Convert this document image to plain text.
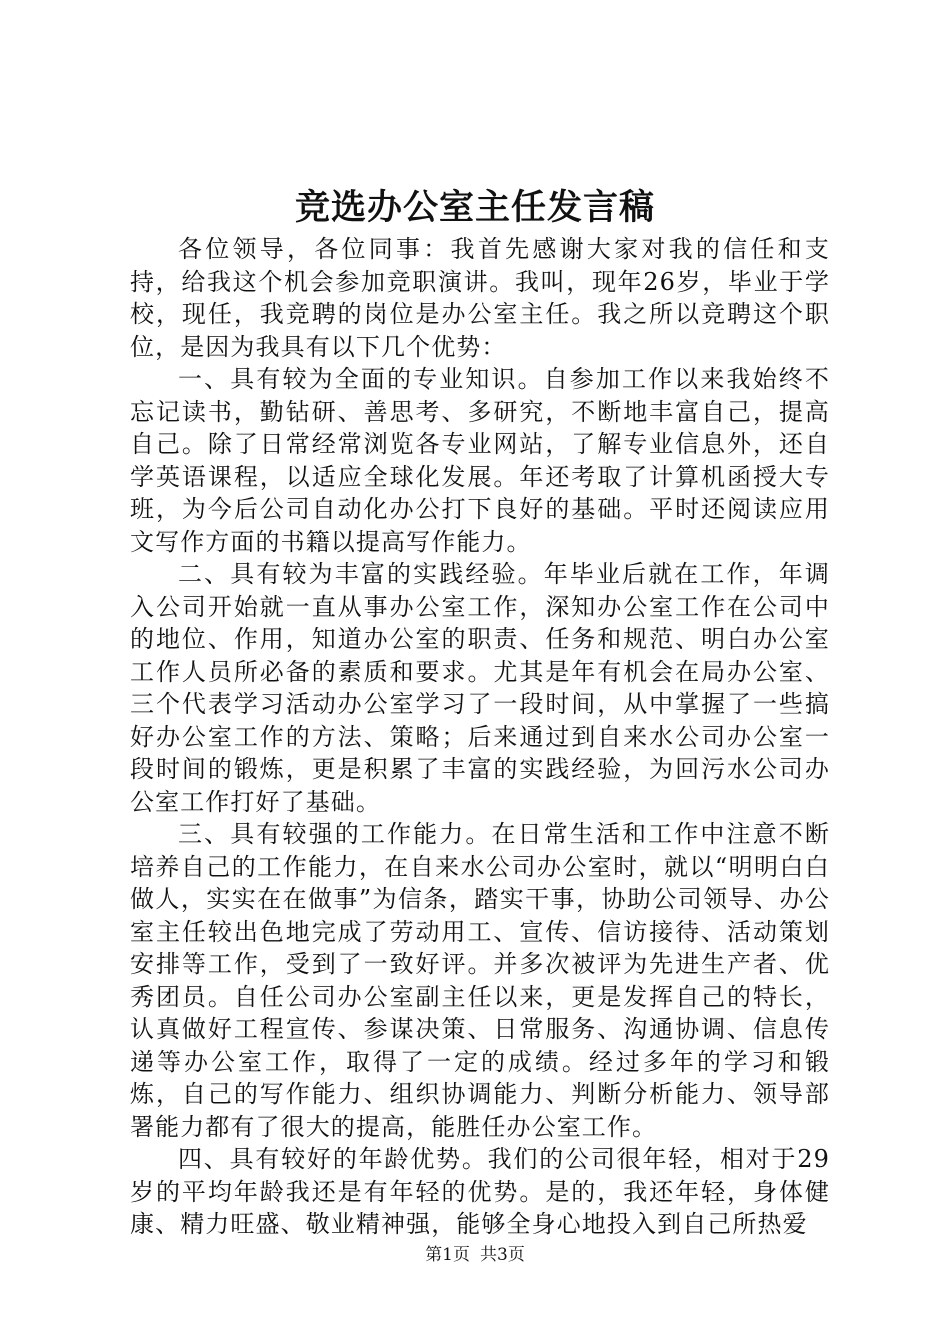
竞选办公室主任发言稿

各位领导，各位同事：我首先感谢大家对我的信任和支持，给我这个机会参加竞职演讲。我叫，现年26岁，毕业于学校，现任，我竞聘的岗位是办公室主任。我之所以竞聘这个职位，是因为我具有以下几个优势：

一、具有较为全面的专业知识。自参加工作以来我始终不忘记读书，勤钻研、善思考、多研究，不断地丰富自己，提高自己。除了日常经常浏览各专业网站，了解专业信息外，还自学英语课程，以适应全球化发展。年还考取了计算机函授大专班，为今后公司自动化办公打下良好的基础。平时还阅读应用文写作方面的书籍以提高写作能力。

二、具有较为丰富的实践经验。年毕业后就在工作，年调入公司开始就一直从事办公室工作，深知办公室工作在公司中的地位、作用，知道办公室的职责、任务和规范、明白办公室工作人员所必备的素质和要求。尤其是年有机会在局办公室、三个代表学习活动办公室学习了一段时间，从中掌握了一些搞好办公室工作的方法、策略；后来通过到自来水公司办公室一段时间的锻炼，更是积累了丰富的实践经验，为回污水公司办公室工作打好了基础。

三、具有较强的工作能力。在日常生活和工作中注意不断培养自己的工作能力，在自来水公司办公室时，就以“明明白白做人，实实在在做事”为信条，踏实干事，协助公司领导、办公室主任较出色地完成了劳动用工、宣传、信访接待、活动策划安排等工作，受到了一致好评。并多次被评为先进生产者、优秀团员。自任公司办公室副主任以来，更是发挥自己的特长，认真做好工程宣传、参谋决策、日常服务、沟通协调、信息传递等办公室工作，取得了一定的成绩。经过多年的学习和锻炼，自己的写作能力、组织协调能力、判断分析能力、领导部署能力都有了很大的提高，能胜任办公室工作。

四、具有较好的年龄优势。我们的公司很年轻，相对于29岁的平均年龄我还是有年轻的优势。是的，我还年轻，身体健康、精力旺盛、敬业精神强，能够全身心地投入到自己所热爱

第1页 共3页
